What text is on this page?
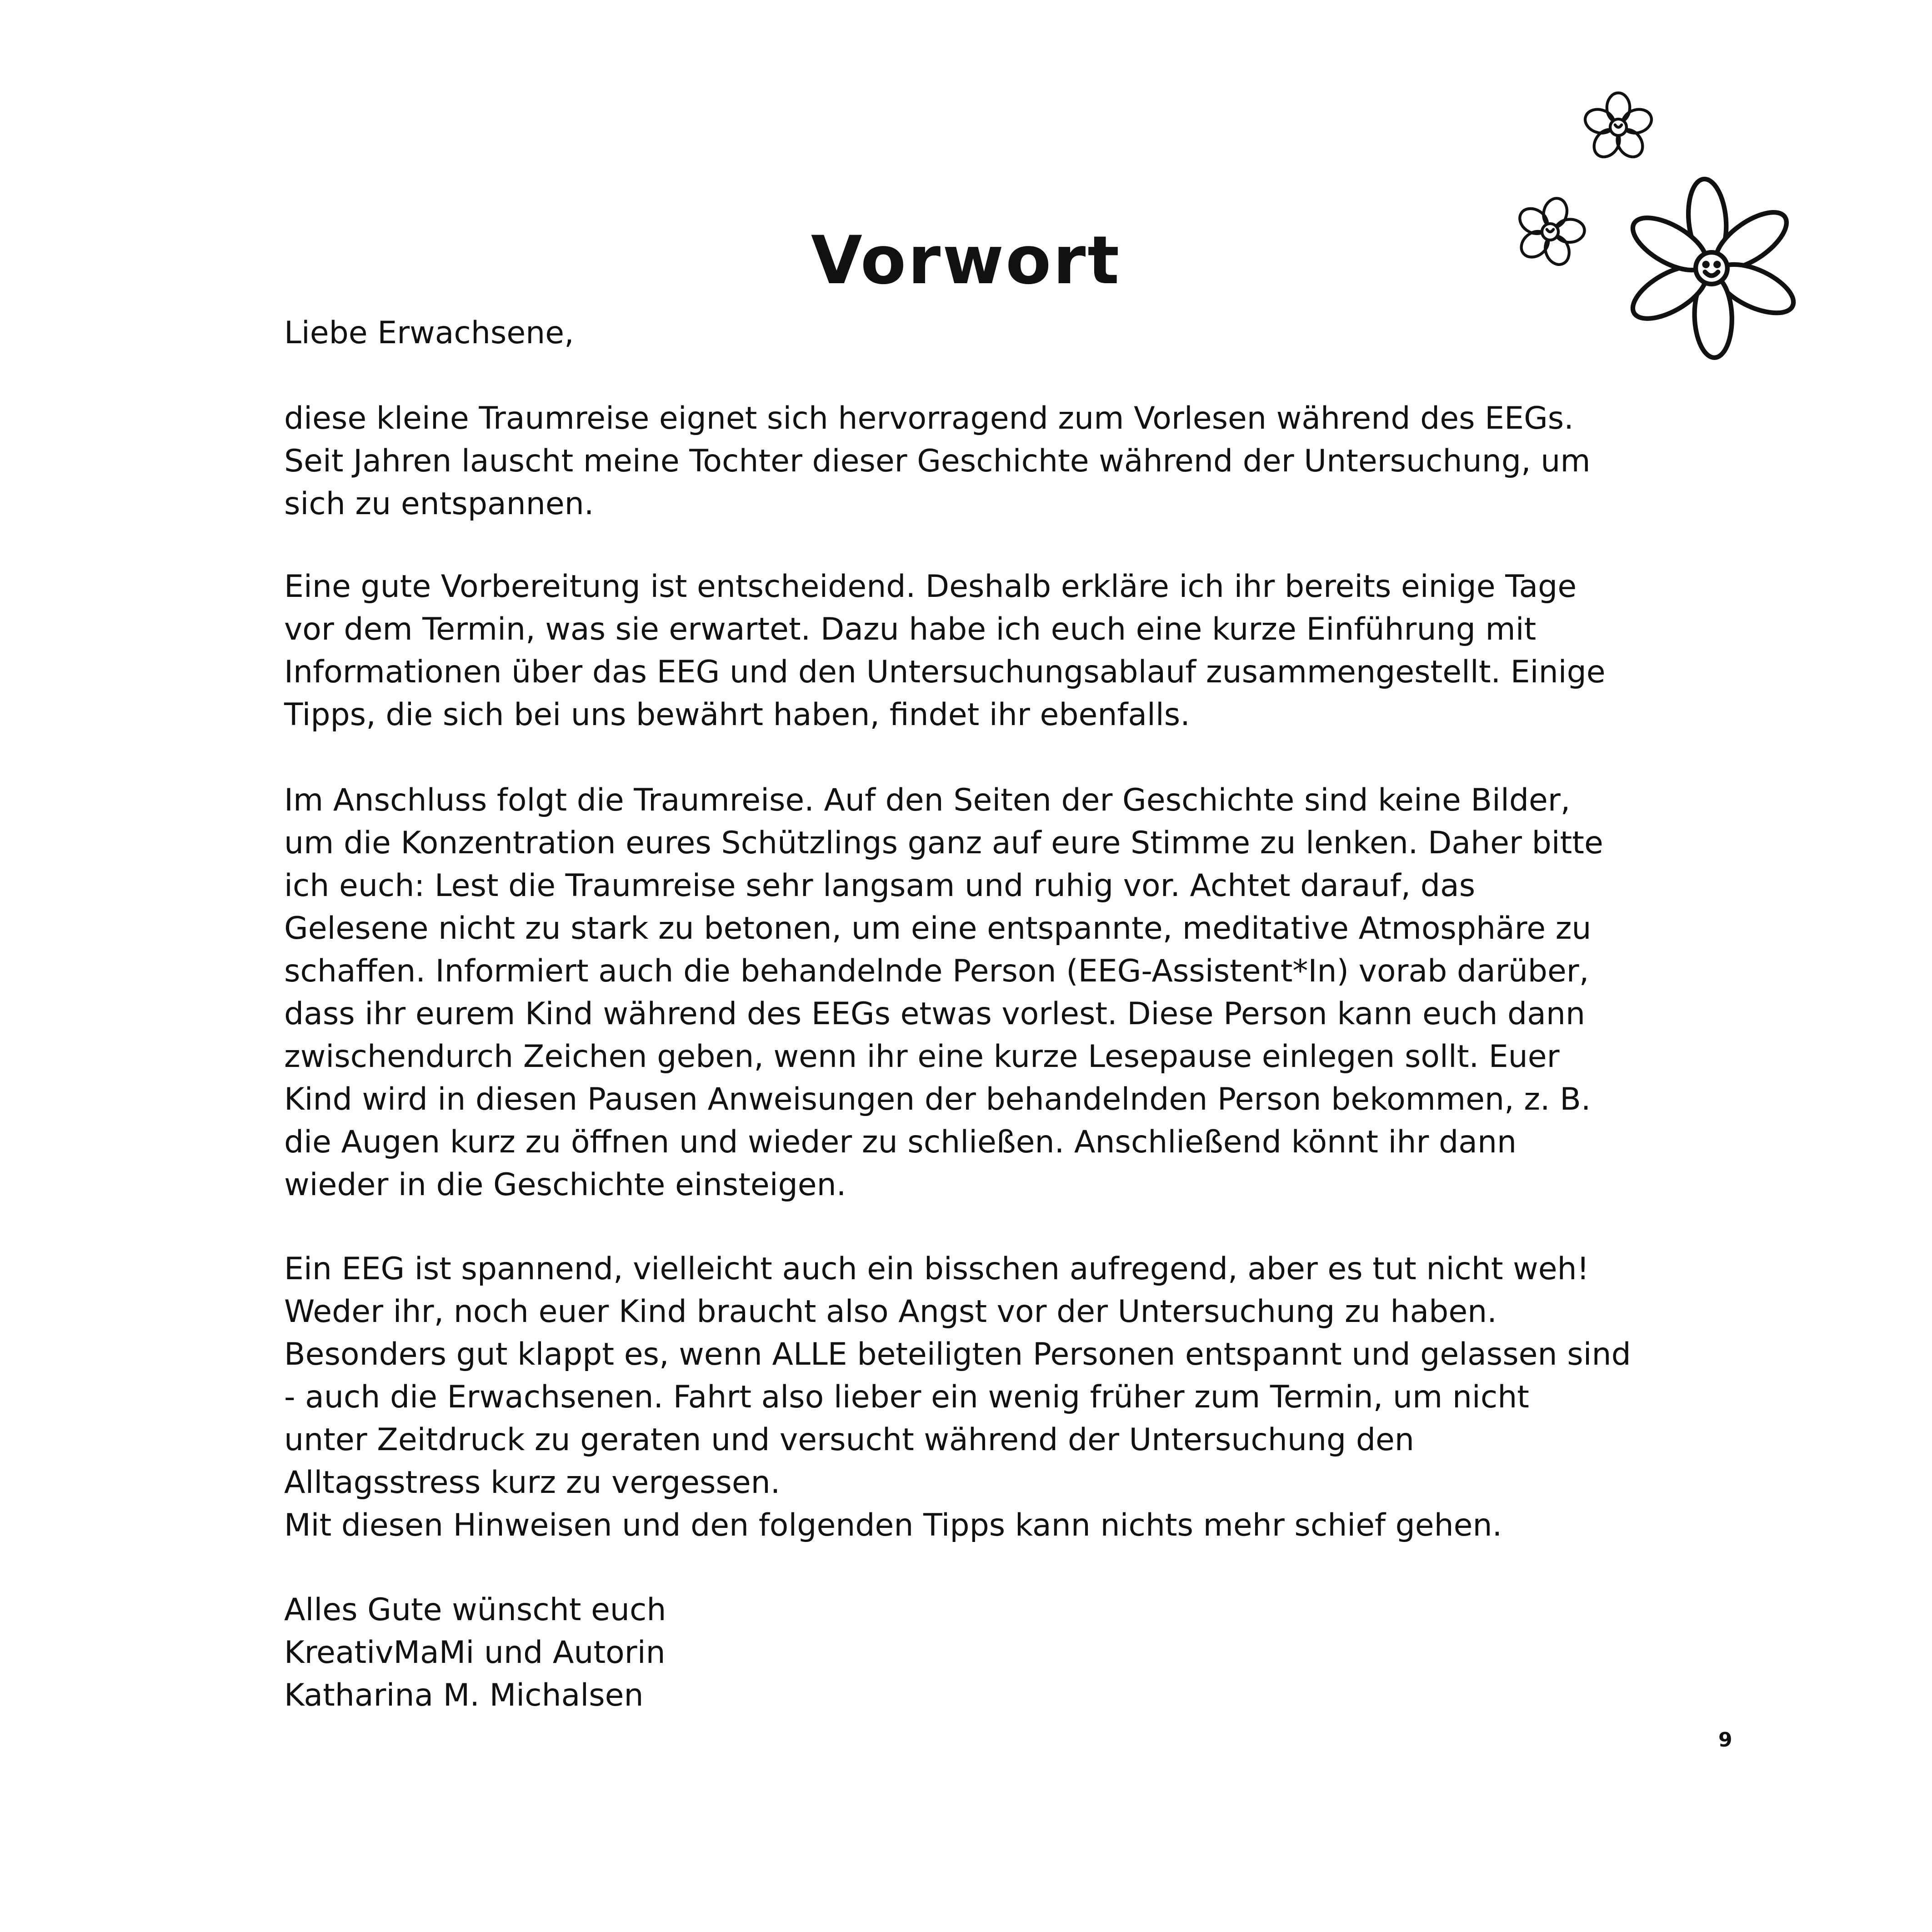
Vorwort

Liebe Erwachsene,

diese kleine Traumreise eignet sich hervorragend zum Vorlesen während des EEGs.
Seit Jahren lauscht meine Tochter dieser Geschichte während der Untersuchung, um
sich zu entspannen.

Eine gute Vorbereitung ist entscheidend. Deshalb erkläre ich ihr bereits einige Tage
vor dem Termin, was sie erwartet. Dazu habe ich euch eine kurze Einführung mit
Informationen über das EEG und den Untersuchungsablauf zusammengestellt. Einige
Tipps, die sich bei uns bewährt haben, findet ihr ebenfalls.

Im Anschluss folgt die Traumreise. Auf den Seiten der Geschichte sind keine Bilder,
um die Konzentration eures Schützlings ganz auf eure Stimme zu lenken. Daher bitte
ich euch: Lest die Traumreise sehr langsam und ruhig vor. Achtet darauf, das
Gelesene nicht zu stark zu betonen, um eine entspannte, meditative Atmosphäre zu
schaffen. Informiert auch die behandelnde Person (EEG-Assistent*In) vorab darüber,
dass ihr eurem Kind während des EEGs etwas vorlest. Diese Person kann euch dann
zwischendurch Zeichen geben, wenn ihr eine kurze Lesepause einlegen sollt. Euer
Kind wird in diesen Pausen Anweisungen der behandelnden Person bekommen, z. B.
die Augen kurz zu öffnen und wieder zu schließen. Anschließend könnt ihr dann
wieder in die Geschichte einsteigen.

Ein EEG ist spannend, vielleicht auch ein bisschen aufregend, aber es tut nicht weh!
Weder ihr, noch euer Kind braucht also Angst vor der Untersuchung zu haben.
Besonders gut klappt es, wenn ALLE beteiligten Personen entspannt und gelassen sind
- auch die Erwachsenen. Fahrt also lieber ein wenig früher zum Termin, um nicht
unter Zeitdruck zu geraten und versucht während der Untersuchung den
Alltagsstress kurz zu vergessen.
Mit diesen Hinweisen und den folgenden Tipps kann nichts mehr schief gehen.

Alles Gute wünscht euch
KreativMaMi und Autorin
Katharina M. Michalsen

9
